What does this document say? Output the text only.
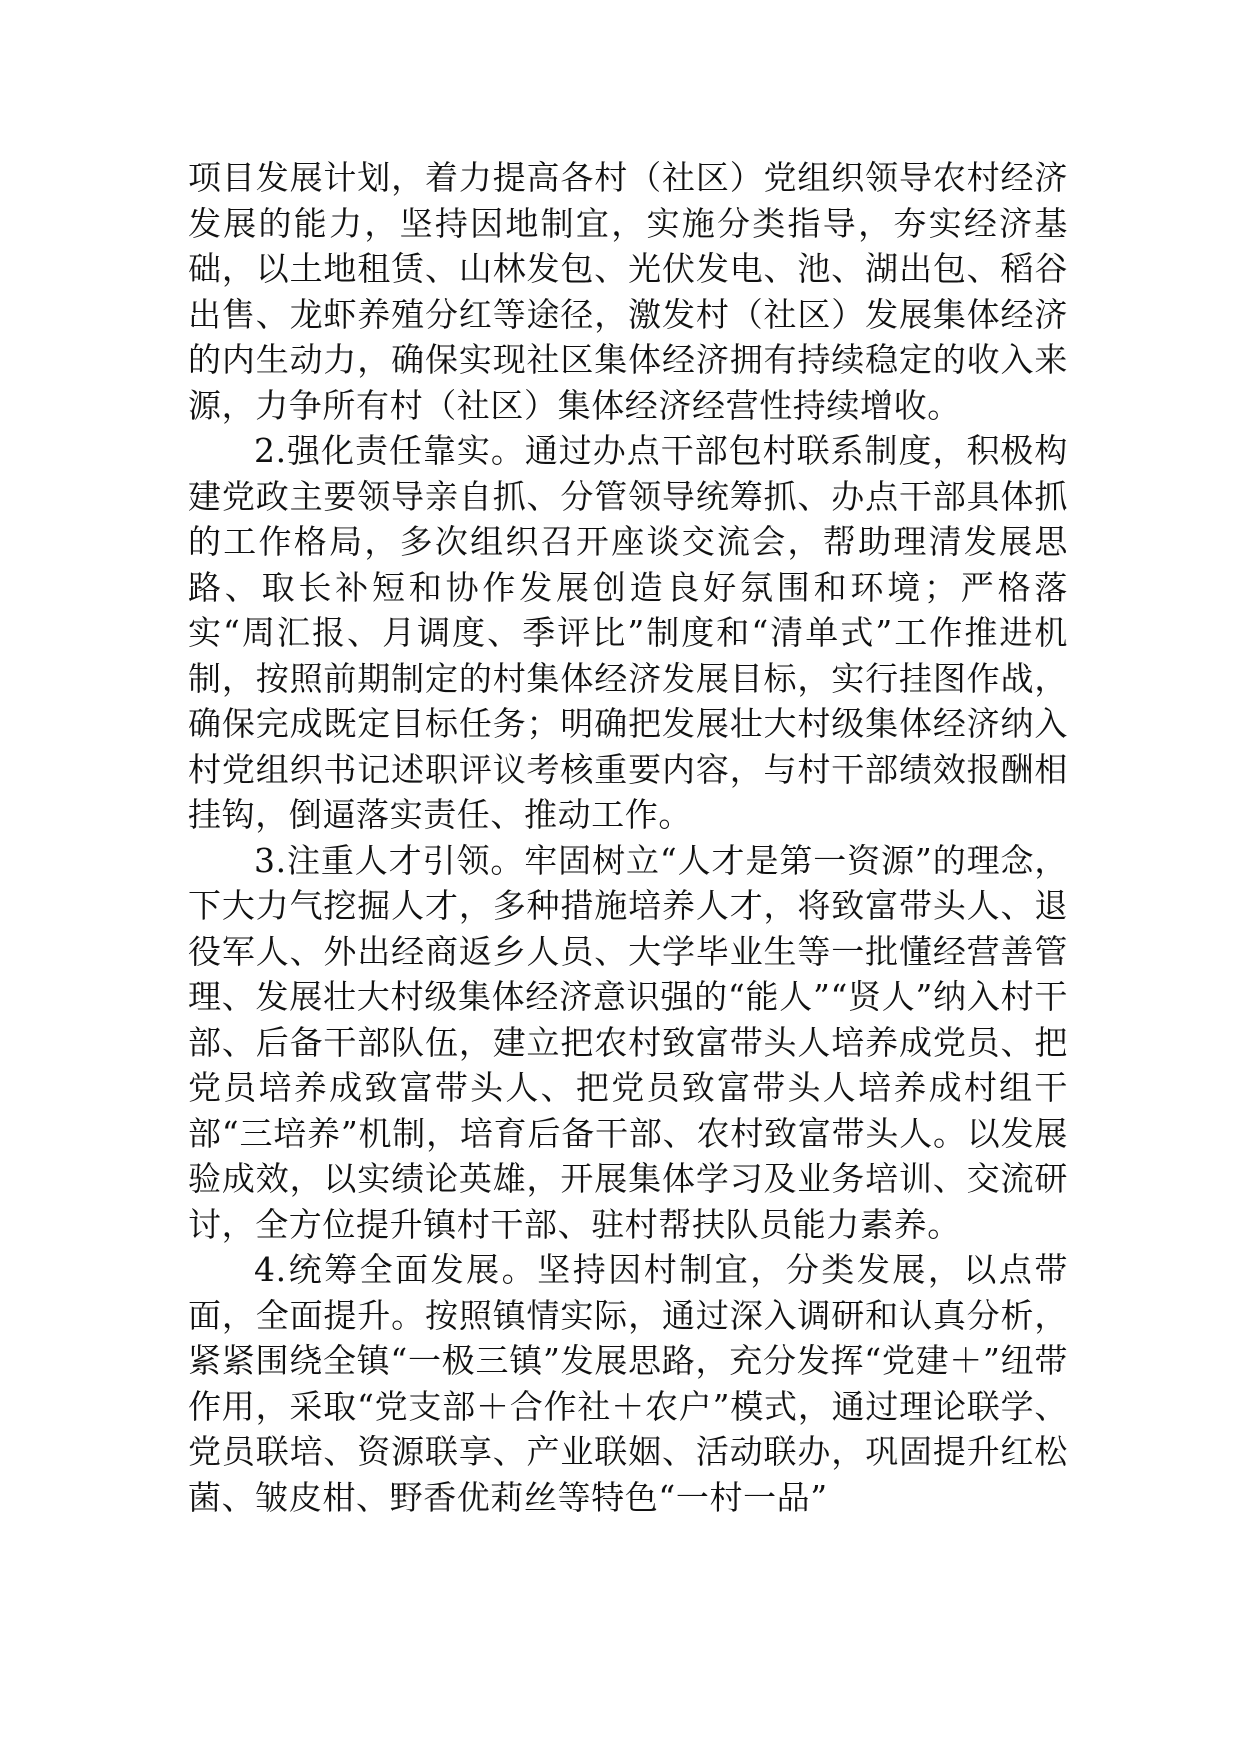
项目发展计划，着力提高各村（社区）党组织领导农村经济发展的能力，坚持因地制宜，实施分类指导，夯实经济基础，以土地租赁、山林发包、光伏发电、池、湖出包、稻谷出售、龙虾养殖分红等途径，激发村（社区）发展集体经济的内生动力，确保实现社区集体经济拥有持续稳定的收入来源，力争所有村（社区）集体经济经营性持续增收。

2.强化责任靠实。通过办点干部包村联系制度，积极构建党政主要领导亲自抓、分管领导统筹抓、办点干部具体抓的工作格局，多次组织召开座谈交流会，帮助理清发展思路、取长补短和协作发展创造良好氛围和环境；严格落实“周汇报、月调度、季评比”制度和“清单式”工作推进机制，按照前期制定的村集体经济发展目标，实行挂图作战，确保完成既定目标任务；明确把发展壮大村级集体经济纳入村党组织书记述职评议考核重要内容，与村干部绩效报酬相挂钩，倒逼落实责任、推动工作。

3.注重人才引领。牢固树立“人才是第一资源”的理念，下大力气挖掘人才，多种措施培养人才，将致富带头人、退役军人、外出经商返乡人员、大学毕业生等一批懂经营善管理、发展壮大村级集体经济意识强的“能人”“贤人”纳入村干部、后备干部队伍，建立把农村致富带头人培养成党员、把党员培养成致富带头人、把党员致富带头人培养成村组干部“三培养”机制，培育后备干部、农村致富带头人。以发展验成效，以实绩论英雄，开展集体学习及业务培训、交流研讨，全方位提升镇村干部、驻村帮扶队员能力素养。

4.统筹全面发展。坚持因村制宜，分类发展，以点带面，全面提升。按照镇情实际，通过深入调研和认真分析，紧紧围绕全镇“一极三镇”发展思路，充分发挥“党建＋”纽带作用，采取“党支部＋合作社＋农户”模式，通过理论联学、党员联培、资源联享、产业联姻、活动联办，巩固提升红松菌、皱皮柑、野香优莉丝等特色“一村一品”
